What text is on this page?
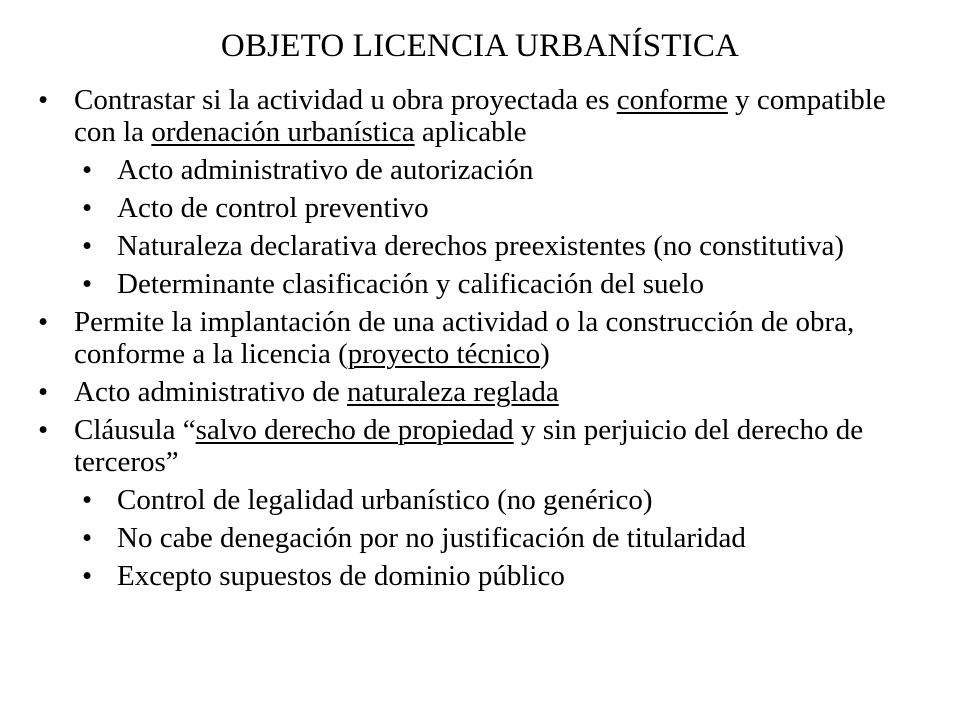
OBJETO LICENCIA URBANÍSTICA
• Contrastar si la actividad u obra proyectada es conforme y compatible con la ordenación urbanística aplicable
• Acto administrativo de autorización
• Acto de control preventivo
• Naturaleza declarativa derechos preexistentes (no constitutiva)
• Determinante clasificación y calificación del suelo
• Permite la implantación de una actividad o la construcción de obra, conforme a la licencia (proyecto técnico)
• Acto administrativo de naturaleza reglada
• Cláusula “salvo derecho de propiedad y sin perjuicio del derecho de terceros”
• Control de legalidad urbanístico (no genérico)
• No cabe denegación por no justificación de titularidad
• Excepto supuestos de dominio público
